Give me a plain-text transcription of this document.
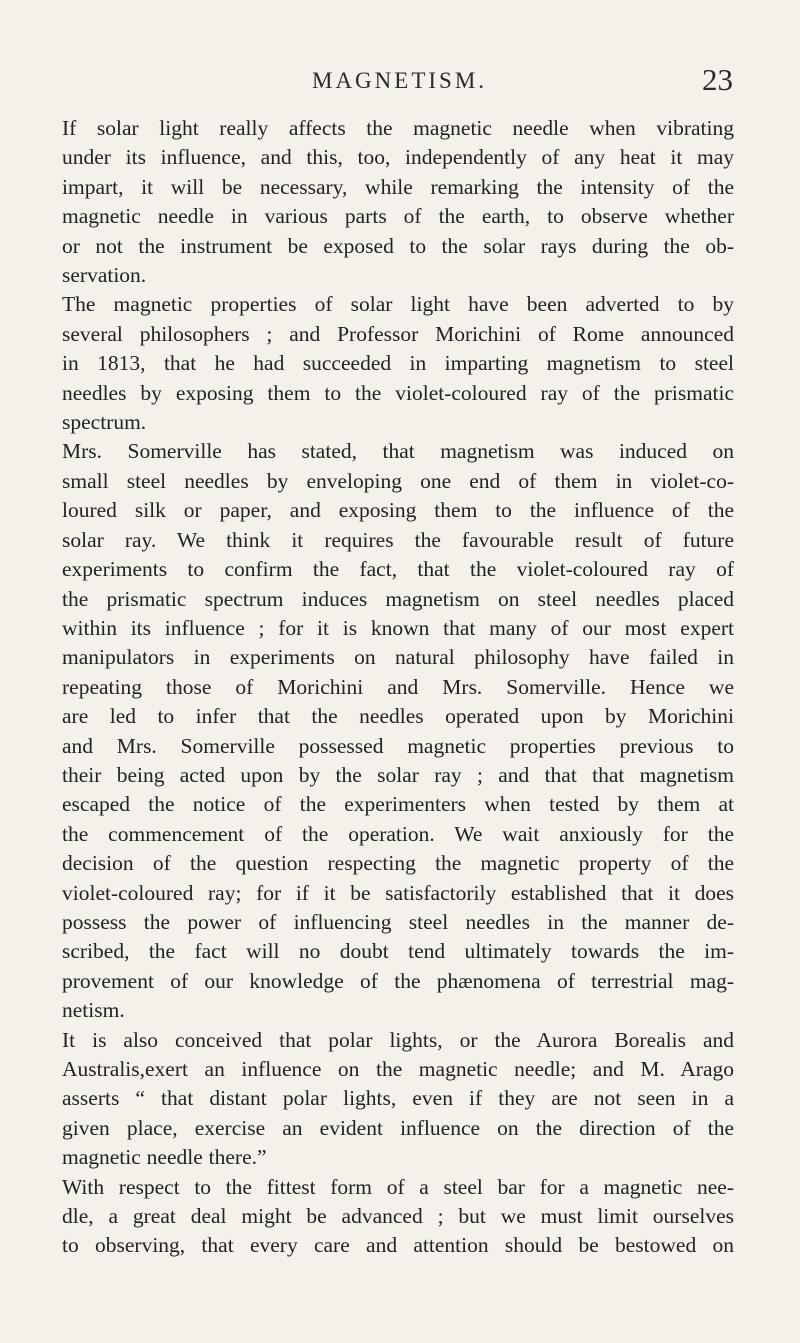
MAGNETISM.	23
If solar light really affects the magnetic needle when vibrating
under its influence, and this, too, independently of any heat it may
impart, it will be necessary, while remarking the intensity of the
magnetic needle in various parts of the earth, to observe whether
or not the instrument be exposed to the solar rays during the ob-
servation.
The magnetic properties of solar light have been adverted to by
several philosophers ; and Professor Morichini of Rome announced
in 1813, that he had succeeded in imparting magnetism to steel
needles by exposing them to the violet-coloured ray of the prismatic
spectrum.
Mrs. Somerville has stated, that magnetism was induced on
small steel needles by enveloping one end of them in violet-co-
loured silk or paper, and exposing them to the influence of the
solar ray. We think it requires the favourable result of future
experiments to confirm the fact, that the violet-coloured ray of
the prismatic spectrum induces magnetism on steel needles placed
within its influence ; for it is known that many of our most expert
manipulators in experiments on natural philosophy have failed in
repeating those of Morichini and Mrs. Somerville. Hence we
are led to infer that the needles operated upon by Morichini
and Mrs. Somerville possessed magnetic properties previous to
their being acted upon by the solar ray ; and that that magnetism
escaped the notice of the experimenters when tested by them at
the commencement of the operation. We wait anxiously for the
decision of the question respecting the magnetic property of the
violet-coloured ray; for if it be satisfactorily established that it does
possess the power of influencing steel needles in the manner de-
scribed, the fact will no doubt tend ultimately towards the im-
provement of our knowledge of the phænomena of terrestrial mag-
netism.
It is also conceived that polar lights, or the Aurora Borealis and
Australis,exert an influence on the magnetic needle; and M. Arago
asserts “ that distant polar lights, even if they are not seen in a
given place, exercise an evident influence on the direction of the
magnetic needle there.”
With respect to the fittest form of a steel bar for a magnetic nee-
dle, a great deal might be advanced ; but we must limit ourselves
to observing, that every care and attention should be bestowed on
